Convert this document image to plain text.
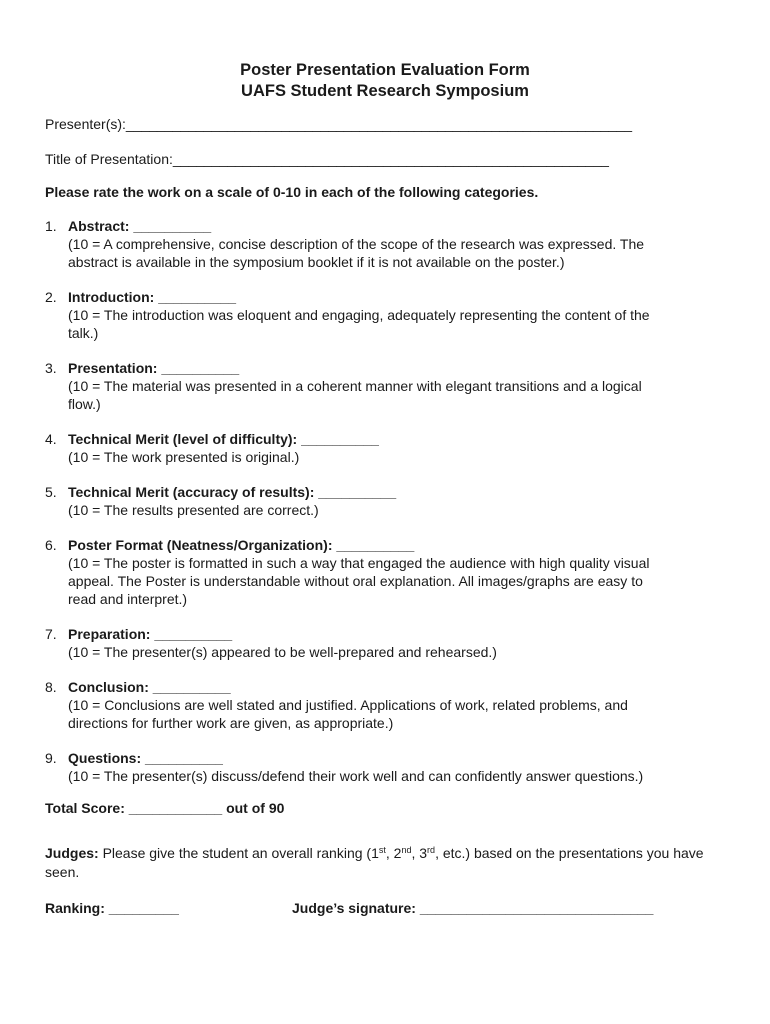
Poster Presentation Evaluation Form
UAFS Student Research Symposium
Presenter(s):_________________________________________________________________
Title of Presentation:________________________________________________________
Please rate the work on a scale of 0-10 in each of the following categories.
1. Abstract: __________
(10 = A comprehensive, concise description of the scope of the research was expressed. The
abstract is available in the symposium booklet if it is not available on the poster.)
2. Introduction: __________
(10 = The introduction was eloquent and engaging, adequately representing the content of the
talk.)
3. Presentation: __________
(10 = The material was presented in a coherent manner with elegant transitions and a logical
flow.)
4. Technical Merit (level of difficulty): __________
(10 = The work presented is original.)
5. Technical Merit (accuracy of results): __________
(10 = The results presented are correct.)
6. Poster Format (Neatness/Organization): __________
(10 = The poster is formatted in such a way that engaged the audience with high quality visual
appeal. The Poster is understandable without oral explanation. All images/graphs are easy to
read and interpret.)
7. Preparation: __________
(10 = The presenter(s) appeared to be well-prepared and rehearsed.)
8. Conclusion: __________
(10 = Conclusions are well stated and justified. Applications of work, related problems, and
directions for further work are given, as appropriate.)
9. Questions: __________
(10 = The presenter(s) discuss/defend their work well and can confidently answer questions.)
Total Score: ____________ out of 90
Judges: Please give the student an overall ranking (1st, 2nd, 3rd, etc.) based on the presentations you have seen.
Ranking: _________	Judge’s signature: ______________________________
